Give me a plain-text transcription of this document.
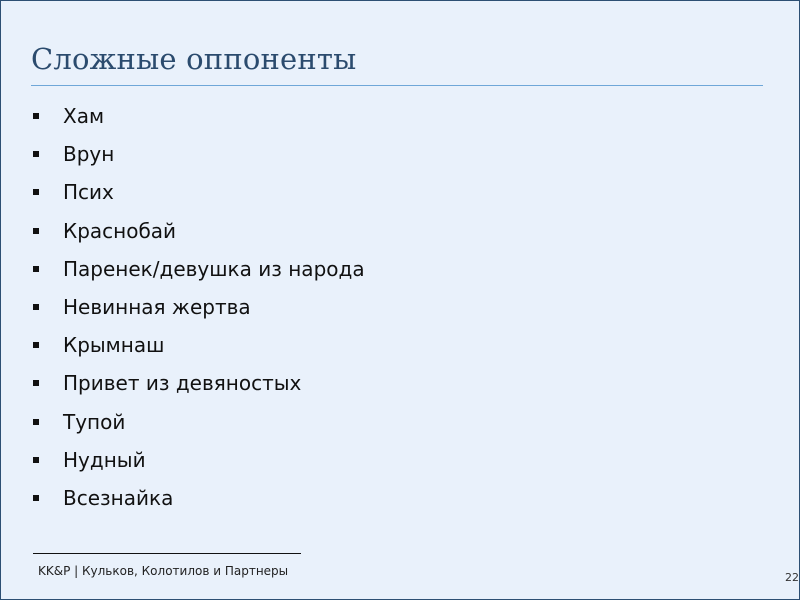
Сложные оппоненты
Хам
Врун
Псих
Краснобай
Паренек/девушка из народа
Невинная жертва
Крымнаш
Привет из девяностых
Тупой
Нудный
Всезнайка
KK&P | Кульков, Колотилов и Партнеры	22
